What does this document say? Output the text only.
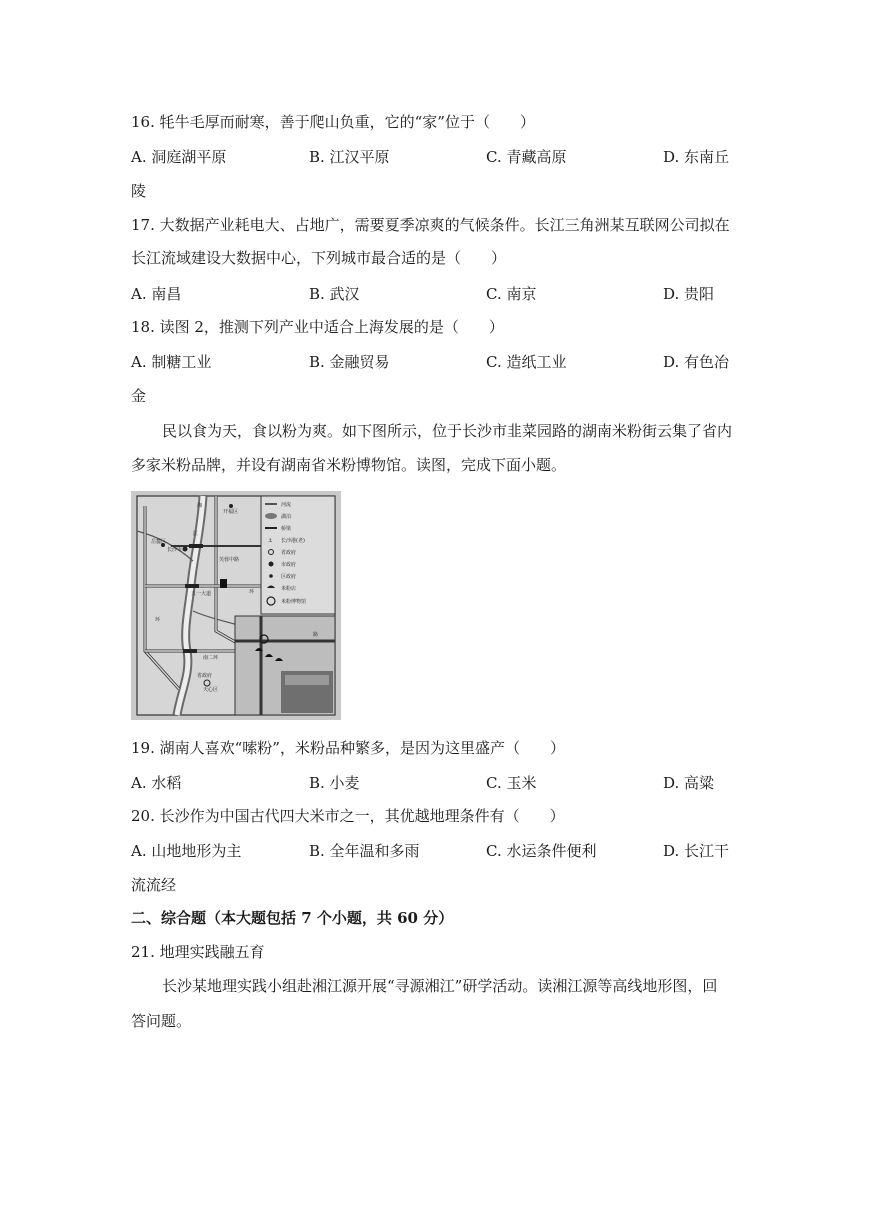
16. 牦牛毛厚而耐寒，善于爬山负重，它的“家”位于（　　）
A. 洞庭湖平原	B. 江汉平原	C. 青藏高原	D. 东南丘
陵
17. 大数据产业耗电大、占地广，需要夏季凉爽的气候条件。长江三角洲某互联网公司拟在
长江流域建设大数据中心，下列城市最合适的是（　　）
A. 南昌	B. 武汉	C. 南京	D. 贵阳
18. 读图 2，推测下列产业中适合上海发展的是（　　）
A. 制糖工业	B. 金融贸易	C. 造纸工业	D. 有色冶
金
民以食为天，食以粉为爽。如下图所示，位于长沙市韭菜园路的湖南米粉街云集了省内
多家米粉品牌，并设有湖南省米粉博物馆。读图，完成下面小题。
河流
湖泊
桥梁
⚓ 长沙港(老)
省政府
市政府
区政府
米粉店
米粉博物馆
岳麓区
长沙市
开福区
芙蓉中路
五一大道	环
环
南二环
省政府
天心区
湘
江
路
19. 湖南人喜欢“嗦粉”，米粉品种繁多，是因为这里盛产（　　）
A. 水稻	B. 小麦	C. 玉米	D. 高粱
20. 长沙作为中国古代四大米市之一，其优越地理条件有（　　）
A. 山地地形为主	B. 全年温和多雨	C. 水运条件便利	D. 长江干
流流经
二、综合题（本大题包括 7 个小题，共 60 分）
21. 地理实践融五育
长沙某地理实践小组赴湘江源开展“寻源湘江”研学活动。读湘江源等高线地形图，回
答问题。
